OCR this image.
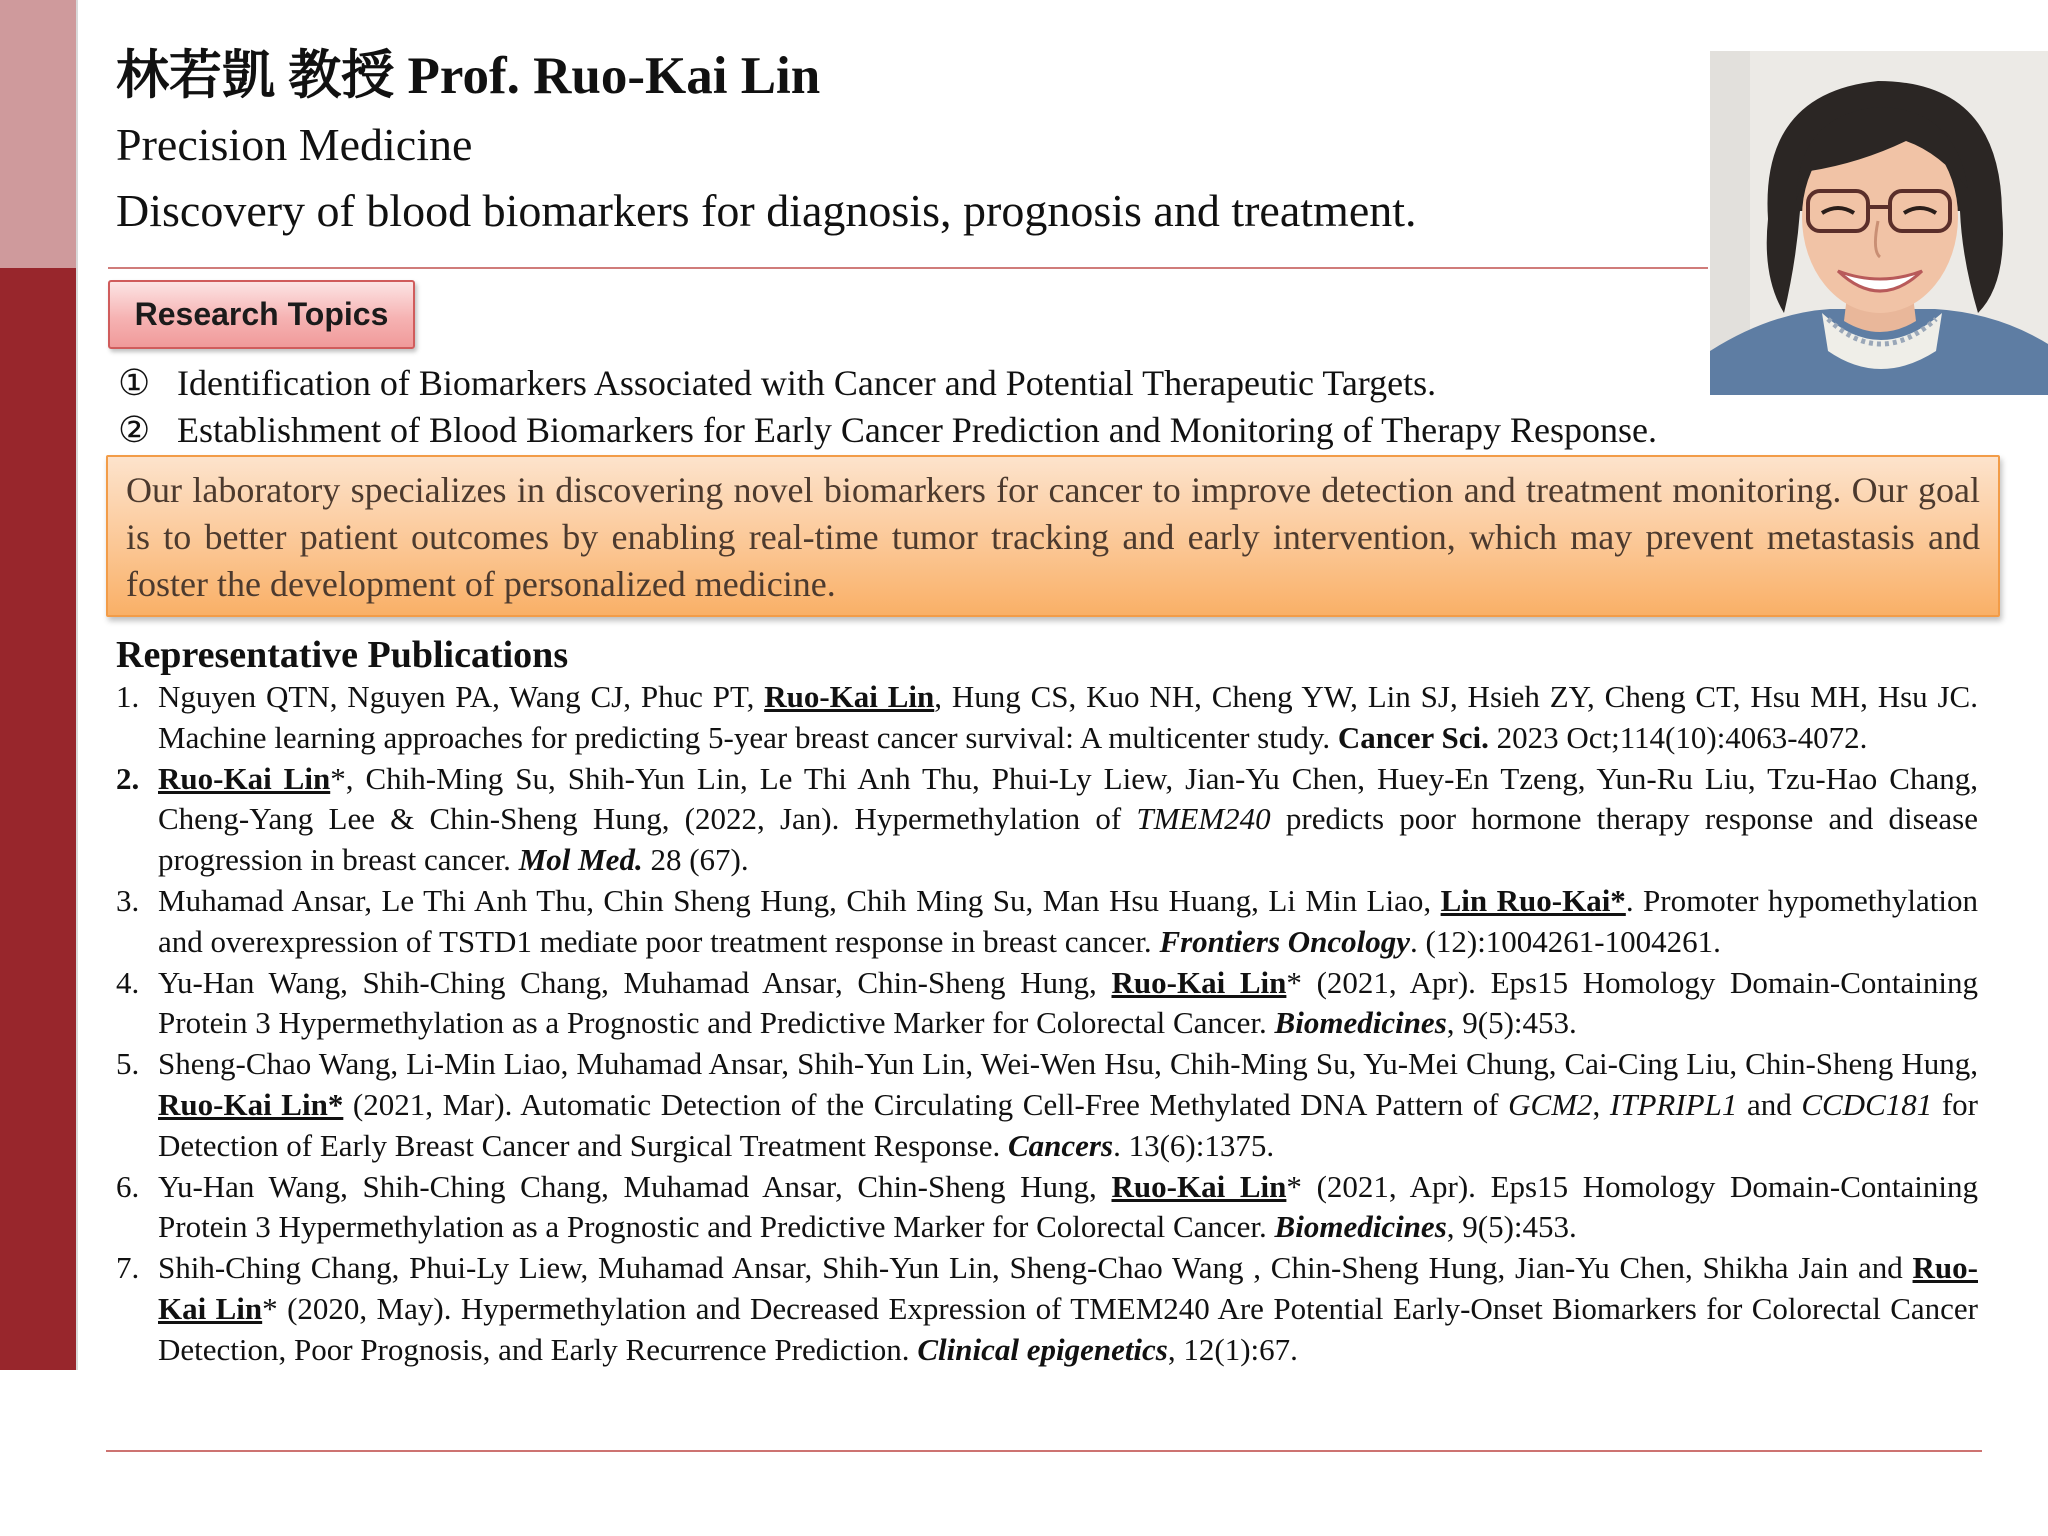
林若凱 教授 Prof. Ruo-Kai Lin
Precision Medicine
Discovery of blood biomarkers for diagnosis, prognosis and treatment.
Research Topics
① Identification of Biomarkers Associated with Cancer and Potential Therapeutic Targets.
② Establishment of Blood Biomarkers for Early Cancer Prediction and Monitoring of Therapy Response.

Our laboratory specializes in discovering novel biomarkers for cancer to improve detection and treatment monitoring. Our goal is to better patient outcomes by enabling real-time tumor tracking and early intervention, which may prevent metastasis and foster the development of personalized medicine.

Representative Publications
1. Nguyen QTN, Nguyen PA, Wang CJ, Phuc PT, Ruo-Kai Lin, Hung CS, Kuo NH, Cheng YW, Lin SJ, Hsieh ZY, Cheng CT, Hsu MH, Hsu JC. Machine learning approaches for predicting 5-year breast cancer survival: A multicenter study. Cancer Sci. 2023 Oct;114(10):4063-4072.
2. Ruo-Kai Lin*, Chih-Ming Su, Shih-Yun Lin, Le Thi Anh Thu, Phui-Ly Liew, Jian-Yu Chen, Huey-En Tzeng, Yun-Ru Liu, Tzu-Hao Chang, Cheng-Yang Lee & Chin-Sheng Hung, (2022, Jan). Hypermethylation of TMEM240 predicts poor hormone therapy response and disease progression in breast cancer. Mol Med. 28 (67).
3. Muhamad Ansar, Le Thi Anh Thu, Chin Sheng Hung, Chih Ming Su, Man Hsu Huang, Li Min Liao, Lin Ruo-Kai*. Promoter hypomethylation and overexpression of TSTD1 mediate poor treatment response in breast cancer. Frontiers Oncology. (12):1004261-1004261.
4. Yu-Han Wang, Shih-Ching Chang, Muhamad Ansar, Chin-Sheng Hung, Ruo-Kai Lin* (2021, Apr). Eps15 Homology Domain-Containing Protein 3 Hypermethylation as a Prognostic and Predictive Marker for Colorectal Cancer. Biomedicines, 9(5):453.
5. Sheng-Chao Wang, Li-Min Liao, Muhamad Ansar, Shih-Yun Lin, Wei-Wen Hsu, Chih-Ming Su, Yu-Mei Chung, Cai-Cing Liu, Chin-Sheng Hung, Ruo-Kai Lin* (2021, Mar). Automatic Detection of the Circulating Cell-Free Methylated DNA Pattern of GCM2, ITPRIPL1 and CCDC181 for Detection of Early Breast Cancer and Surgical Treatment Response. Cancers. 13(6):1375.
6. Yu-Han Wang, Shih-Ching Chang, Muhamad Ansar, Chin-Sheng Hung, Ruo-Kai Lin* (2021, Apr). Eps15 Homology Domain-Containing Protein 3 Hypermethylation as a Prognostic and Predictive Marker for Colorectal Cancer. Biomedicines, 9(5):453.
7. Shih-Ching Chang, Phui-Ly Liew, Muhamad Ansar, Shih-Yun Lin, Sheng-Chao Wang , Chin-Sheng Hung, Jian-Yu Chen, Shikha Jain and Ruo-Kai Lin* (2020, May). Hypermethylation and Decreased Expression of TMEM240 Are Potential Early-Onset Biomarkers for Colorectal Cancer Detection, Poor Prognosis, and Early Recurrence Prediction. Clinical epigenetics, 12(1):67.
